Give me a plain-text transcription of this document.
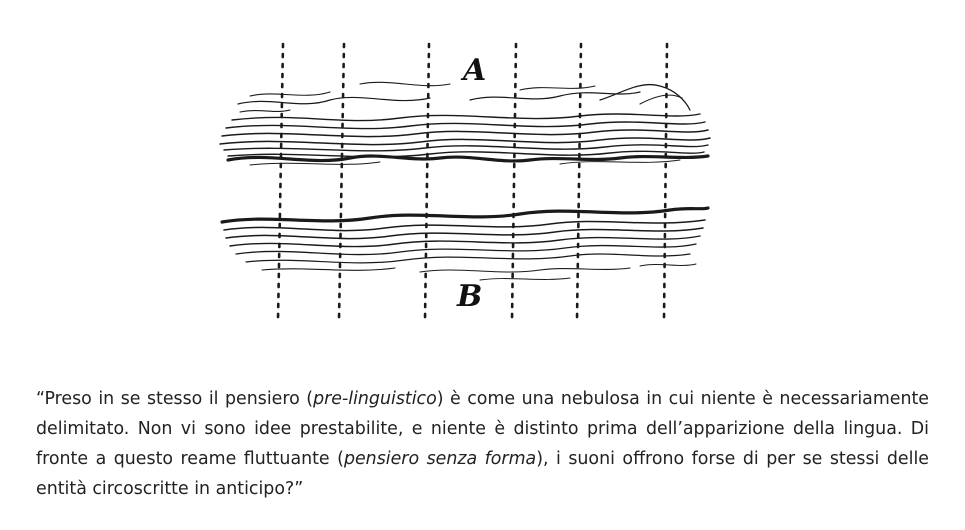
A
B

“Preso in se stesso il pensiero (pre-linguistico) è come una nebulosa in cui niente è necessariamente delimitato. Non vi sono idee prestabilite, e niente è distinto prima dell’apparizione della lingua. Di fronte a questo reame fluttuante (pensiero senza forma), i suoni offrono forse di per se stessi delle entità circoscritte in anticipo?”
